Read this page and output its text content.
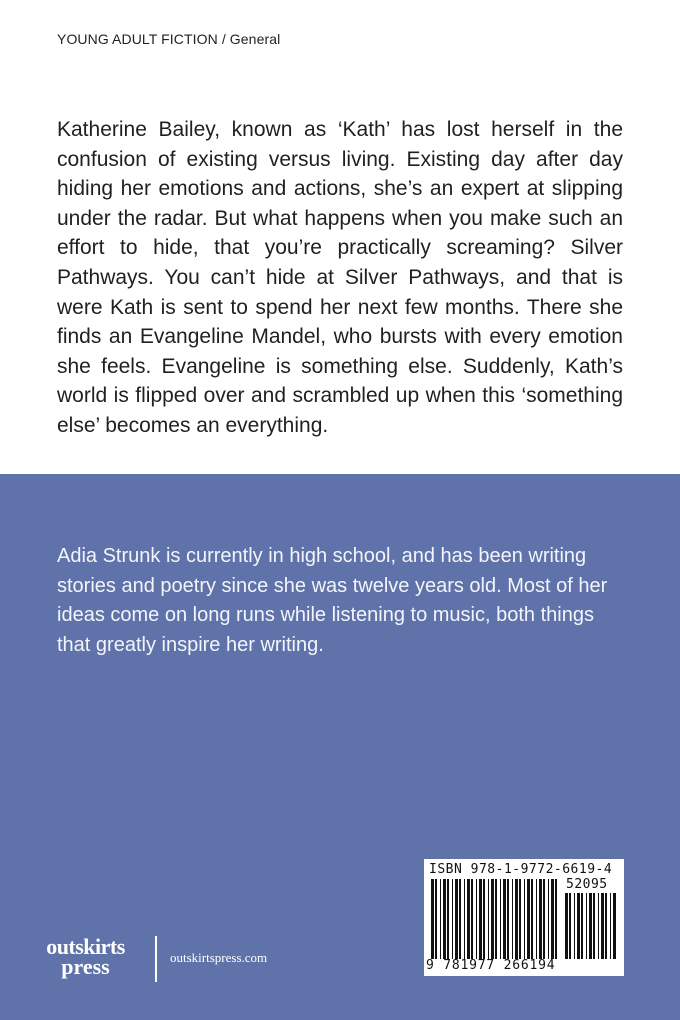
YOUNG ADULT FICTION / General

Katherine Bailey, known as ‘Kath’ has lost herself in the confusion of existing versus living. Existing day after day hiding her emotions and actions, she’s an expert at slipping under the radar. But what happens when you make such an effort to hide, that you’re practically screaming? Silver Pathways. You can’t hide at Silver Pathways, and that is were Kath is sent to spend her next few months. There she finds an Evangeline Mandel, who bursts with every emotion she feels. Evangeline is something else. Suddenly, Kath’s world is flipped over and scrambled up when this ‘something else’ becomes an everything.

Adia Strunk is currently in high school, and has been writing stories and poetry since she was twelve years old. Most of her ideas come on long runs while listening to music, both things that greatly inspire her writing.

outskirts
press	outskirtspress.com
ISBN 978-1-9772-6619-4
52095
9 781977 266194
